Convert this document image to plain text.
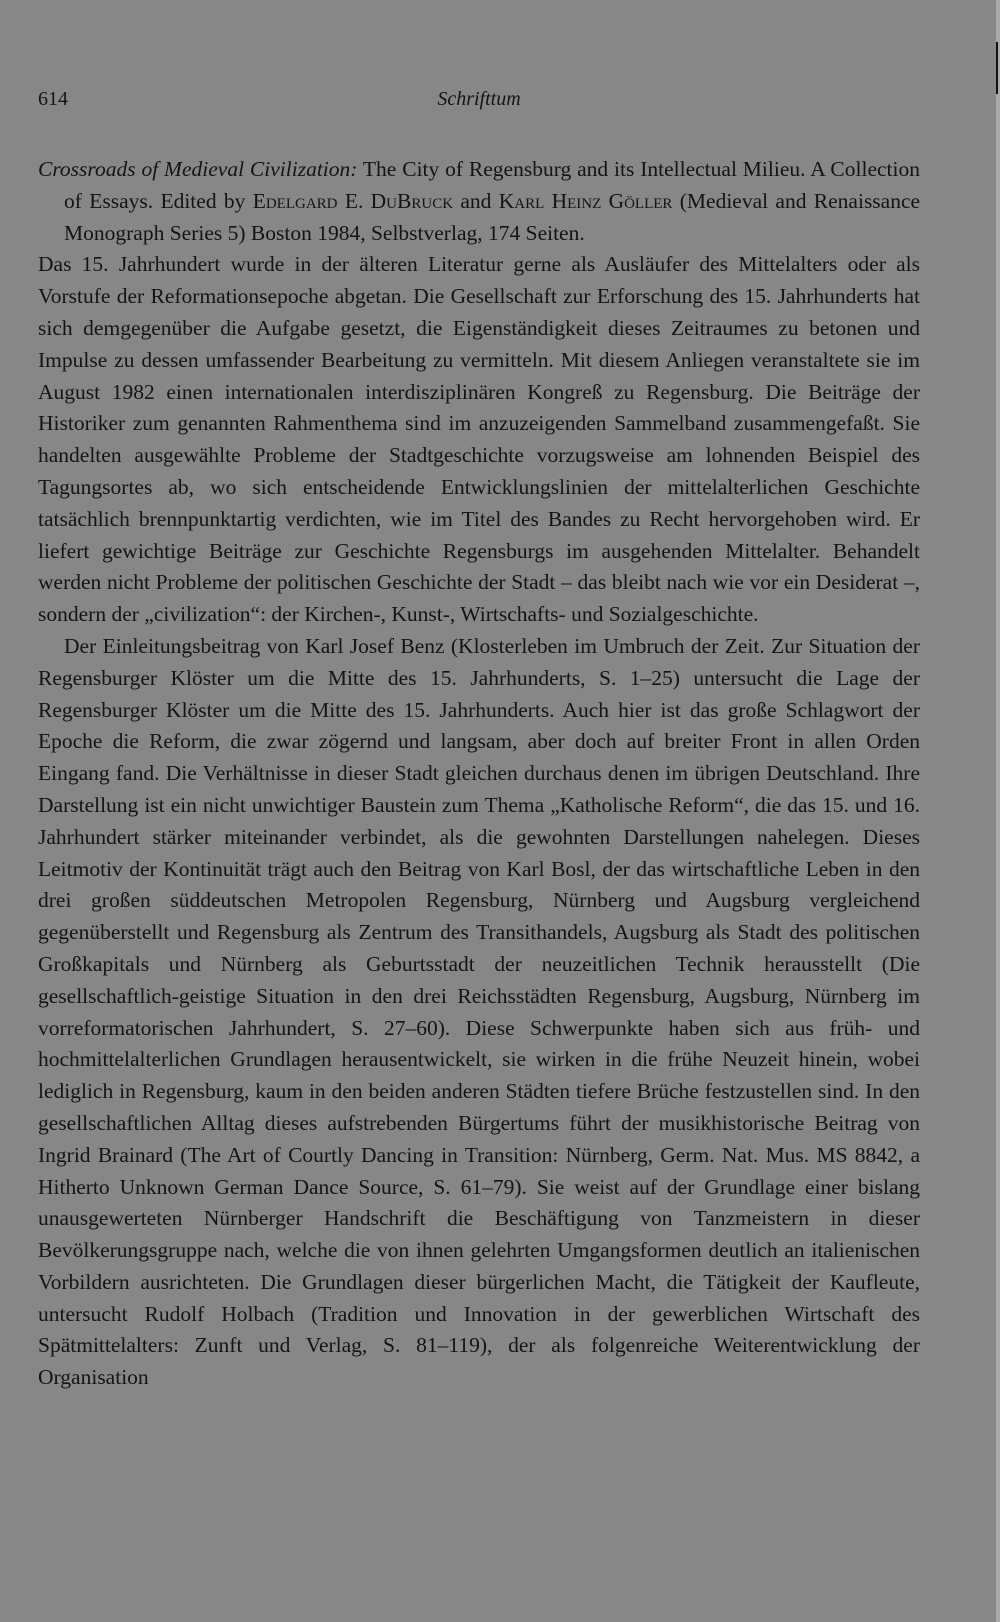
614	Schrifttum

Crossroads of Medieval Civilization: The City of Regensburg and its Intellectual Milieu. A Collection of Essays. Edited by Edelgard E. DuBruck and Karl Heinz Göller (Medieval and Renaissance Monograph Series 5) Boston 1984, Selbstverlag, 174 Seiten.

Das 15. Jahrhundert wurde in der älteren Literatur gerne als Ausläufer des Mittelalters oder als Vorstufe der Reformationsepoche abgetan. Die Gesellschaft zur Erforschung des 15. Jahrhunderts hat sich demgegenüber die Aufgabe gesetzt, die Eigenständigkeit dieses Zeitraumes zu betonen und Impulse zu dessen umfassender Bearbeitung zu vermitteln. Mit diesem Anliegen veranstaltete sie im August 1982 einen internationalen interdisziplinären Kongreß zu Regensburg. Die Beiträge der Historiker zum genannten Rahmenthema sind im anzuzeigenden Sammelband zusammengefaßt. Sie handelten ausgewählte Probleme der Stadtgeschichte vorzugsweise am lohnenden Beispiel des Tagungsortes ab, wo sich entscheidende Entwicklungslinien der mittelalterlichen Geschichte tatsächlich brennpunktartig verdichten, wie im Titel des Bandes zu Recht hervorgehoben wird. Er liefert gewichtige Beiträge zur Geschichte Regensburgs im ausgehenden Mittelalter. Behandelt werden nicht Probleme der politischen Geschichte der Stadt – das bleibt nach wie vor ein Desiderat –, sondern der „civilization“: der Kirchen-, Kunst-, Wirtschafts- und Sozialgeschichte.

Der Einleitungsbeitrag von Karl Josef Benz (Klosterleben im Umbruch der Zeit. Zur Situation der Regensburger Klöster um die Mitte des 15. Jahrhunderts, S. 1–25) untersucht die Lage der Regensburger Klöster um die Mitte des 15. Jahrhunderts. Auch hier ist das große Schlagwort der Epoche die Reform, die zwar zögernd und langsam, aber doch auf breiter Front in allen Orden Eingang fand. Die Verhältnisse in dieser Stadt gleichen durchaus denen im übrigen Deutschland. Ihre Darstellung ist ein nicht unwichtiger Baustein zum Thema „Katholische Reform“, die das 15. und 16. Jahrhundert stärker miteinander verbindet, als die gewohnten Darstellungen nahelegen. Dieses Leitmotiv der Kontinuität trägt auch den Beitrag von Karl Bosl, der das wirtschaftliche Leben in den drei großen süddeutschen Metropolen Regensburg, Nürnberg und Augsburg vergleichend gegenüberstellt und Regensburg als Zentrum des Transithandels, Augsburg als Stadt des politischen Großkapitals und Nürnberg als Geburtsstadt der neuzeitlichen Technik herausstellt (Die gesellschaftlich-geistige Situation in den drei Reichsstädten Regensburg, Augsburg, Nürnberg im vorreformatorischen Jahrhundert, S. 27–60). Diese Schwerpunkte haben sich aus früh- und hochmittelalterlichen Grundlagen herausentwickelt, sie wirken in die frühe Neuzeit hinein, wobei lediglich in Regensburg, kaum in den beiden anderen Städten tiefere Brüche festzustellen sind. In den gesellschaftlichen Alltag dieses aufstrebenden Bürgertums führt der musikhistorische Beitrag von Ingrid Brainard (The Art of Courtly Dancing in Transition: Nürnberg, Germ. Nat. Mus. MS 8842, a Hitherto Unknown German Dance Source, S. 61–79). Sie weist auf der Grundlage einer bislang unausgewerteten Nürnberger Handschrift die Beschäftigung von Tanzmeistern in dieser Bevölkerungsgruppe nach, welche die von ihnen gelehrten Umgangsformen deutlich an italienischen Vorbildern ausrichteten. Die Grundlagen dieser bürgerlichen Macht, die Tätigkeit der Kaufleute, untersucht Rudolf Holbach (Tradition und Innovation in der gewerblichen Wirtschaft des Spätmittelalters: Zunft und Verlag, S. 81–119), der als folgenreiche Weiterentwicklung der Organisation
